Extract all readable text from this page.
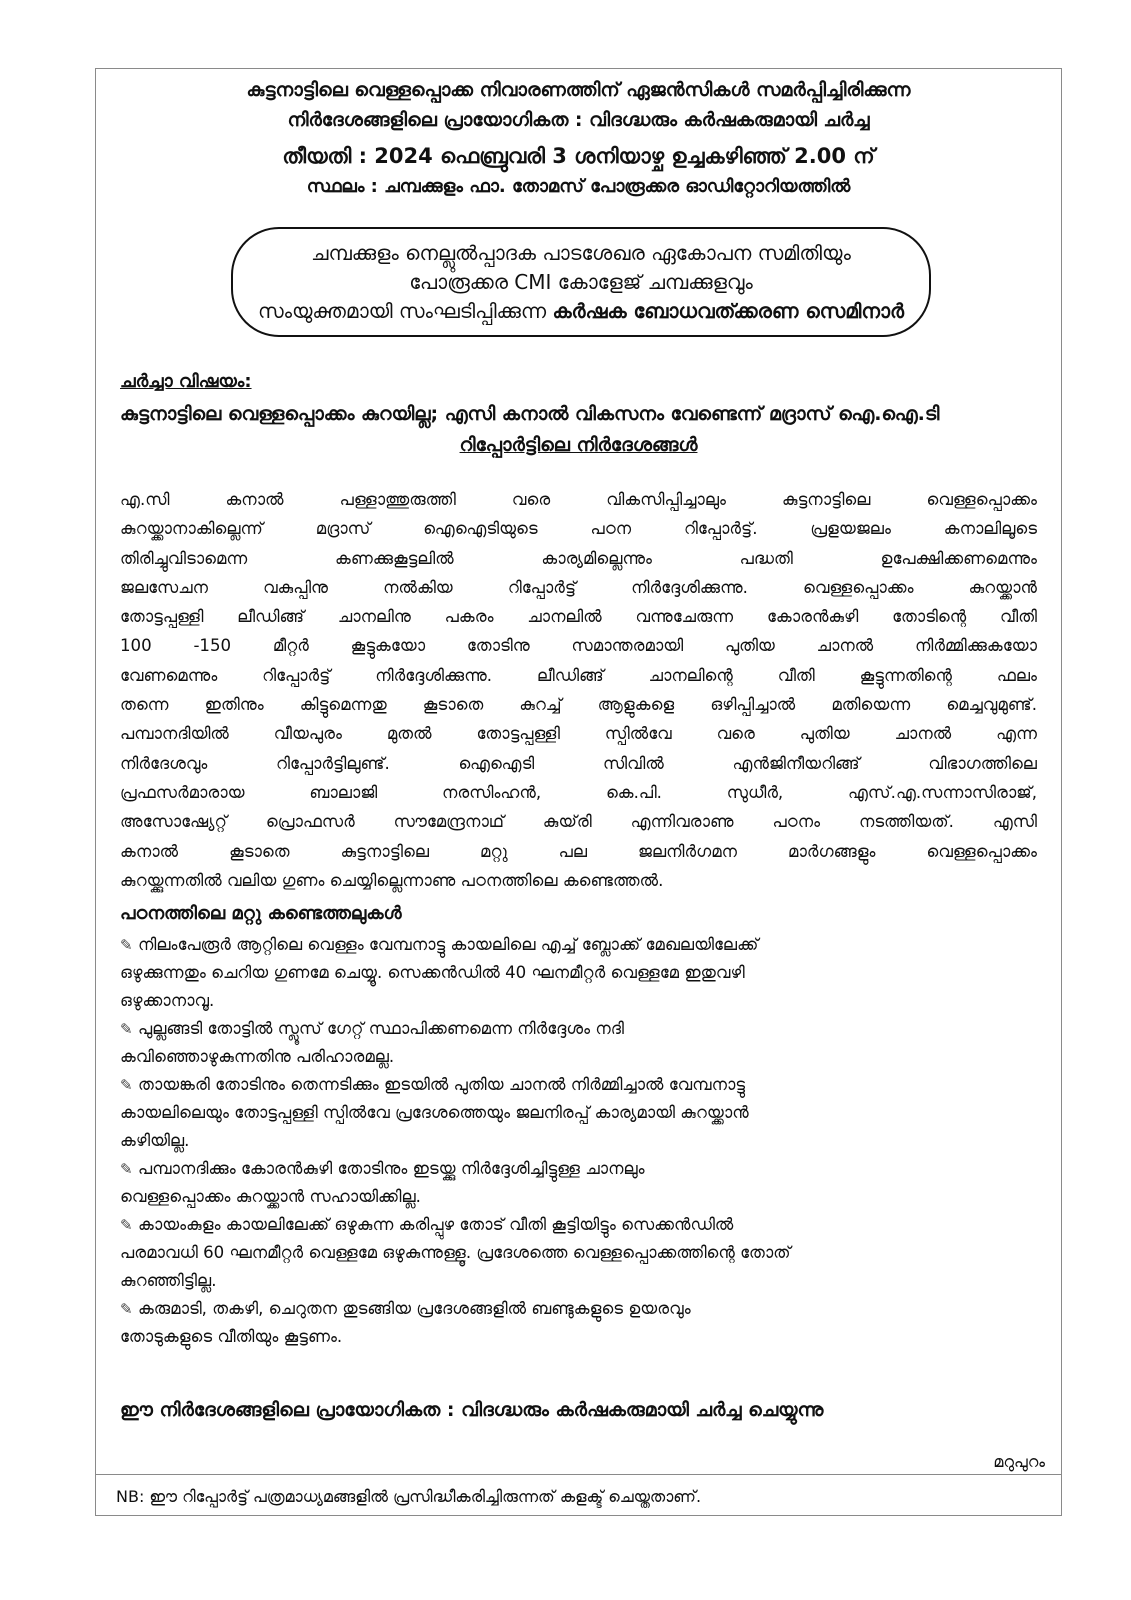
കുട്ടനാട്ടിലെ വെള്ളപ്പൊക്ക നിവാരണത്തിന് ഏജൻസികൾ സമർപ്പിച്ചിരിക്കുന്ന
നിർദേശങ്ങളിലെ പ്രായോഗികത : വിദഗ്ദ്ധരും കർഷകരുമായി ചർച്ച
തീയതി : 2024 ഫെബ്രുവരി 3 ശനിയാഴ്ച ഉച്ചകഴിഞ്ഞ് 2.00 ന്
സ്ഥലം : ചമ്പക്കുളം ഫാ. തോമസ് പോരൂക്കര ഓഡിറ്റോറിയത്തിൽ
ചമ്പക്കുളം നെല്ലുൽപ്പാദക പാടശേഖര ഏകോപന സമിതിയും
പോരൂക്കര CMI കോളേജ് ചമ്പക്കുളവും
സംയുക്തമായി സംഘടിപ്പിക്കുന്ന കർഷക ബോധവത്ക്കരണ സെമിനാർ
ചർച്ചാ വിഷയം:
കുട്ടനാട്ടിലെ വെള്ളപ്പൊക്കം കുറയില്ല; എസി കനാൽ വികസനം വേണ്ടെന്ന് മദ്രാസ് ഐ.ഐ.ടി
റിപ്പോർട്ടിലെ നിർദേശങ്ങൾ
എ.സി കനാൽ പള്ളാത്തുരുത്തി വരെ വികസിപ്പിച്ചാലും കുട്ടനാട്ടിലെ വെള്ളപ്പൊക്കം
കുറയ്ക്കാനാകില്ലെന്ന് മദ്രാസ് ഐഐടിയുടെ പഠന റിപ്പോർട്ട്. പ്രളയജലം കനാലിലൂടെ
തിരിച്ചുവിടാമെന്ന കണക്കുകൂട്ടലിൽ കാര്യമില്ലെന്നും പദ്ധതി ഉപേക്ഷിക്കണമെന്നും
ജലസേചന വകുപ്പിനു നൽകിയ റിപ്പോർട്ട് നിർദ്ദേശിക്കുന്നു. വെള്ളപ്പൊക്കം കുറയ്ക്കാൻ
തോട്ടപ്പള്ളി ലീഡിങ്ങ് ചാനലിനു പകരം ചാനലിൽ വന്നുചേരുന്ന കോരൻകുഴി തോടിന്റെ വീതി
100 -150 മീറ്റർ കൂട്ടുകയോ തോടിനു സമാന്തരമായി പുതിയ ചാനൽ നിർമ്മിക്കുകയോ
വേണമെന്നും റിപ്പോർട്ട് നിർദ്ദേശിക്കുന്നു. ലീഡിങ്ങ് ചാനലിന്റെ വീതി കൂട്ടുന്നതിന്റെ ഫലം
തന്നെ ഇതിനും കിട്ടുമെന്നതു കൂടാതെ കുറച്ച് ആളുകളെ ഒഴിപ്പിച്ചാൽ മതിയെന്ന മെച്ചവുമുണ്ട്.
പമ്പാനദിയിൽ വീയപുരം മുതൽ തോട്ടപ്പള്ളി സ്പിൽവേ വരെ പുതിയ ചാനൽ എന്ന
നിർദേശവും റിപ്പോർട്ടിലുണ്ട്. ഐഐടി സിവിൽ എൻജിനീയറിങ്ങ് വിഭാഗത്തിലെ
പ്രഫസർമാരായ ബാലാജി നരസിംഹൻ, കെ.പി. സുധീർ, എസ്.എ.സന്നാസിരാജ്,
അസോഷ്യേറ്റ് പ്രൊഫസർ സൗമേന്ദ്രനാഥ് കുയ്‌രി എന്നിവരാണു പഠനം നടത്തിയത്. എസി
കനാൽ കൂടാതെ കുട്ടനാട്ടിലെ മറ്റു പല ജലനിർഗമന മാർഗങ്ങളും വെള്ളപ്പൊക്കം
കുറയ്ക്കുന്നതിൽ വലിയ ഗുണം ചെയ്യില്ലെന്നാണു പഠനത്തിലെ കണ്ടെത്തൽ.
പഠനത്തിലെ മറ്റു കണ്ടെത്തലുകൾ
✎ നിലംപേരൂർ ആറ്റിലെ വെള്ളം വേമ്പനാട്ടു കായലിലെ എച്ച് ബ്ലോക്ക് മേഖലയിലേക്ക്
ഒഴുക്കുന്നതും ചെറിയ ഗുണമേ ചെയ്യൂ. സെക്കൻഡിൽ 40 ഘനമീറ്റർ വെള്ളമേ ഇതുവഴി
ഒഴുക്കാനാവൂ.
✎ പുല്ലങ്ങടി തോട്ടിൽ സ്ലൂസ് ഗേറ്റ് സ്ഥാപിക്കണമെന്ന നിർദ്ദേശം നദി
കവിഞ്ഞൊഴുകുന്നതിനു പരിഹാരമല്ല.
✎ തായങ്കരി തോടിനും തെന്നടിക്കും ഇടയിൽ പുതിയ ചാനൽ നിർമ്മിച്ചാൽ വേമ്പനാട്ടു
കായലിലെയും തോട്ടപ്പള്ളി സ്പിൽവേ പ്രദേശത്തെയും ജലനിരപ്പ് കാര്യമായി കുറയ്ക്കാൻ
കഴിയില്ല.
✎ പമ്പാനദിക്കും കോരൻകുഴി തോടിനും ഇടയ്ക്കു നിർദ്ദേശിച്ചിട്ടുള്ള ചാനലും
വെള്ളപ്പൊക്കം കുറയ്ക്കാൻ സഹായിക്കില്ല.
✎ കായംകുളം കായലിലേക്ക് ഒഴുകുന്ന കരിപ്പുഴ തോട് വീതി കൂട്ടിയിട്ടും സെക്കൻഡിൽ
പരമാവധി 60 ഘനമീറ്റർ വെള്ളമേ ഒഴുകുന്നുള്ളൂ. പ്രദേശത്തെ വെള്ളപ്പൊക്കത്തിന്റെ തോത്
കുറഞ്ഞിട്ടില്ല.
✎ കരുമാടി, തകഴി, ചെറുതന തുടങ്ങിയ പ്രദേശങ്ങളിൽ ബണ്ടുകളുടെ ഉയരവും
തോടുകളുടെ വീതിയും കൂട്ടണം.
ഈ നിർദേശങ്ങളിലെ പ്രായോഗികത : വിദഗ്ദ്ധരും കർഷകരുമായി ചർച്ച ചെയ്യുന്നു
മറുപുറം
NB: ഈ റിപ്പോർട്ട് പത്രമാധ്യമങ്ങളിൽ പ്രസിദ്ധീകരിച്ചിരുന്നത് കളക്ട് ചെയ്തതാണ്.
